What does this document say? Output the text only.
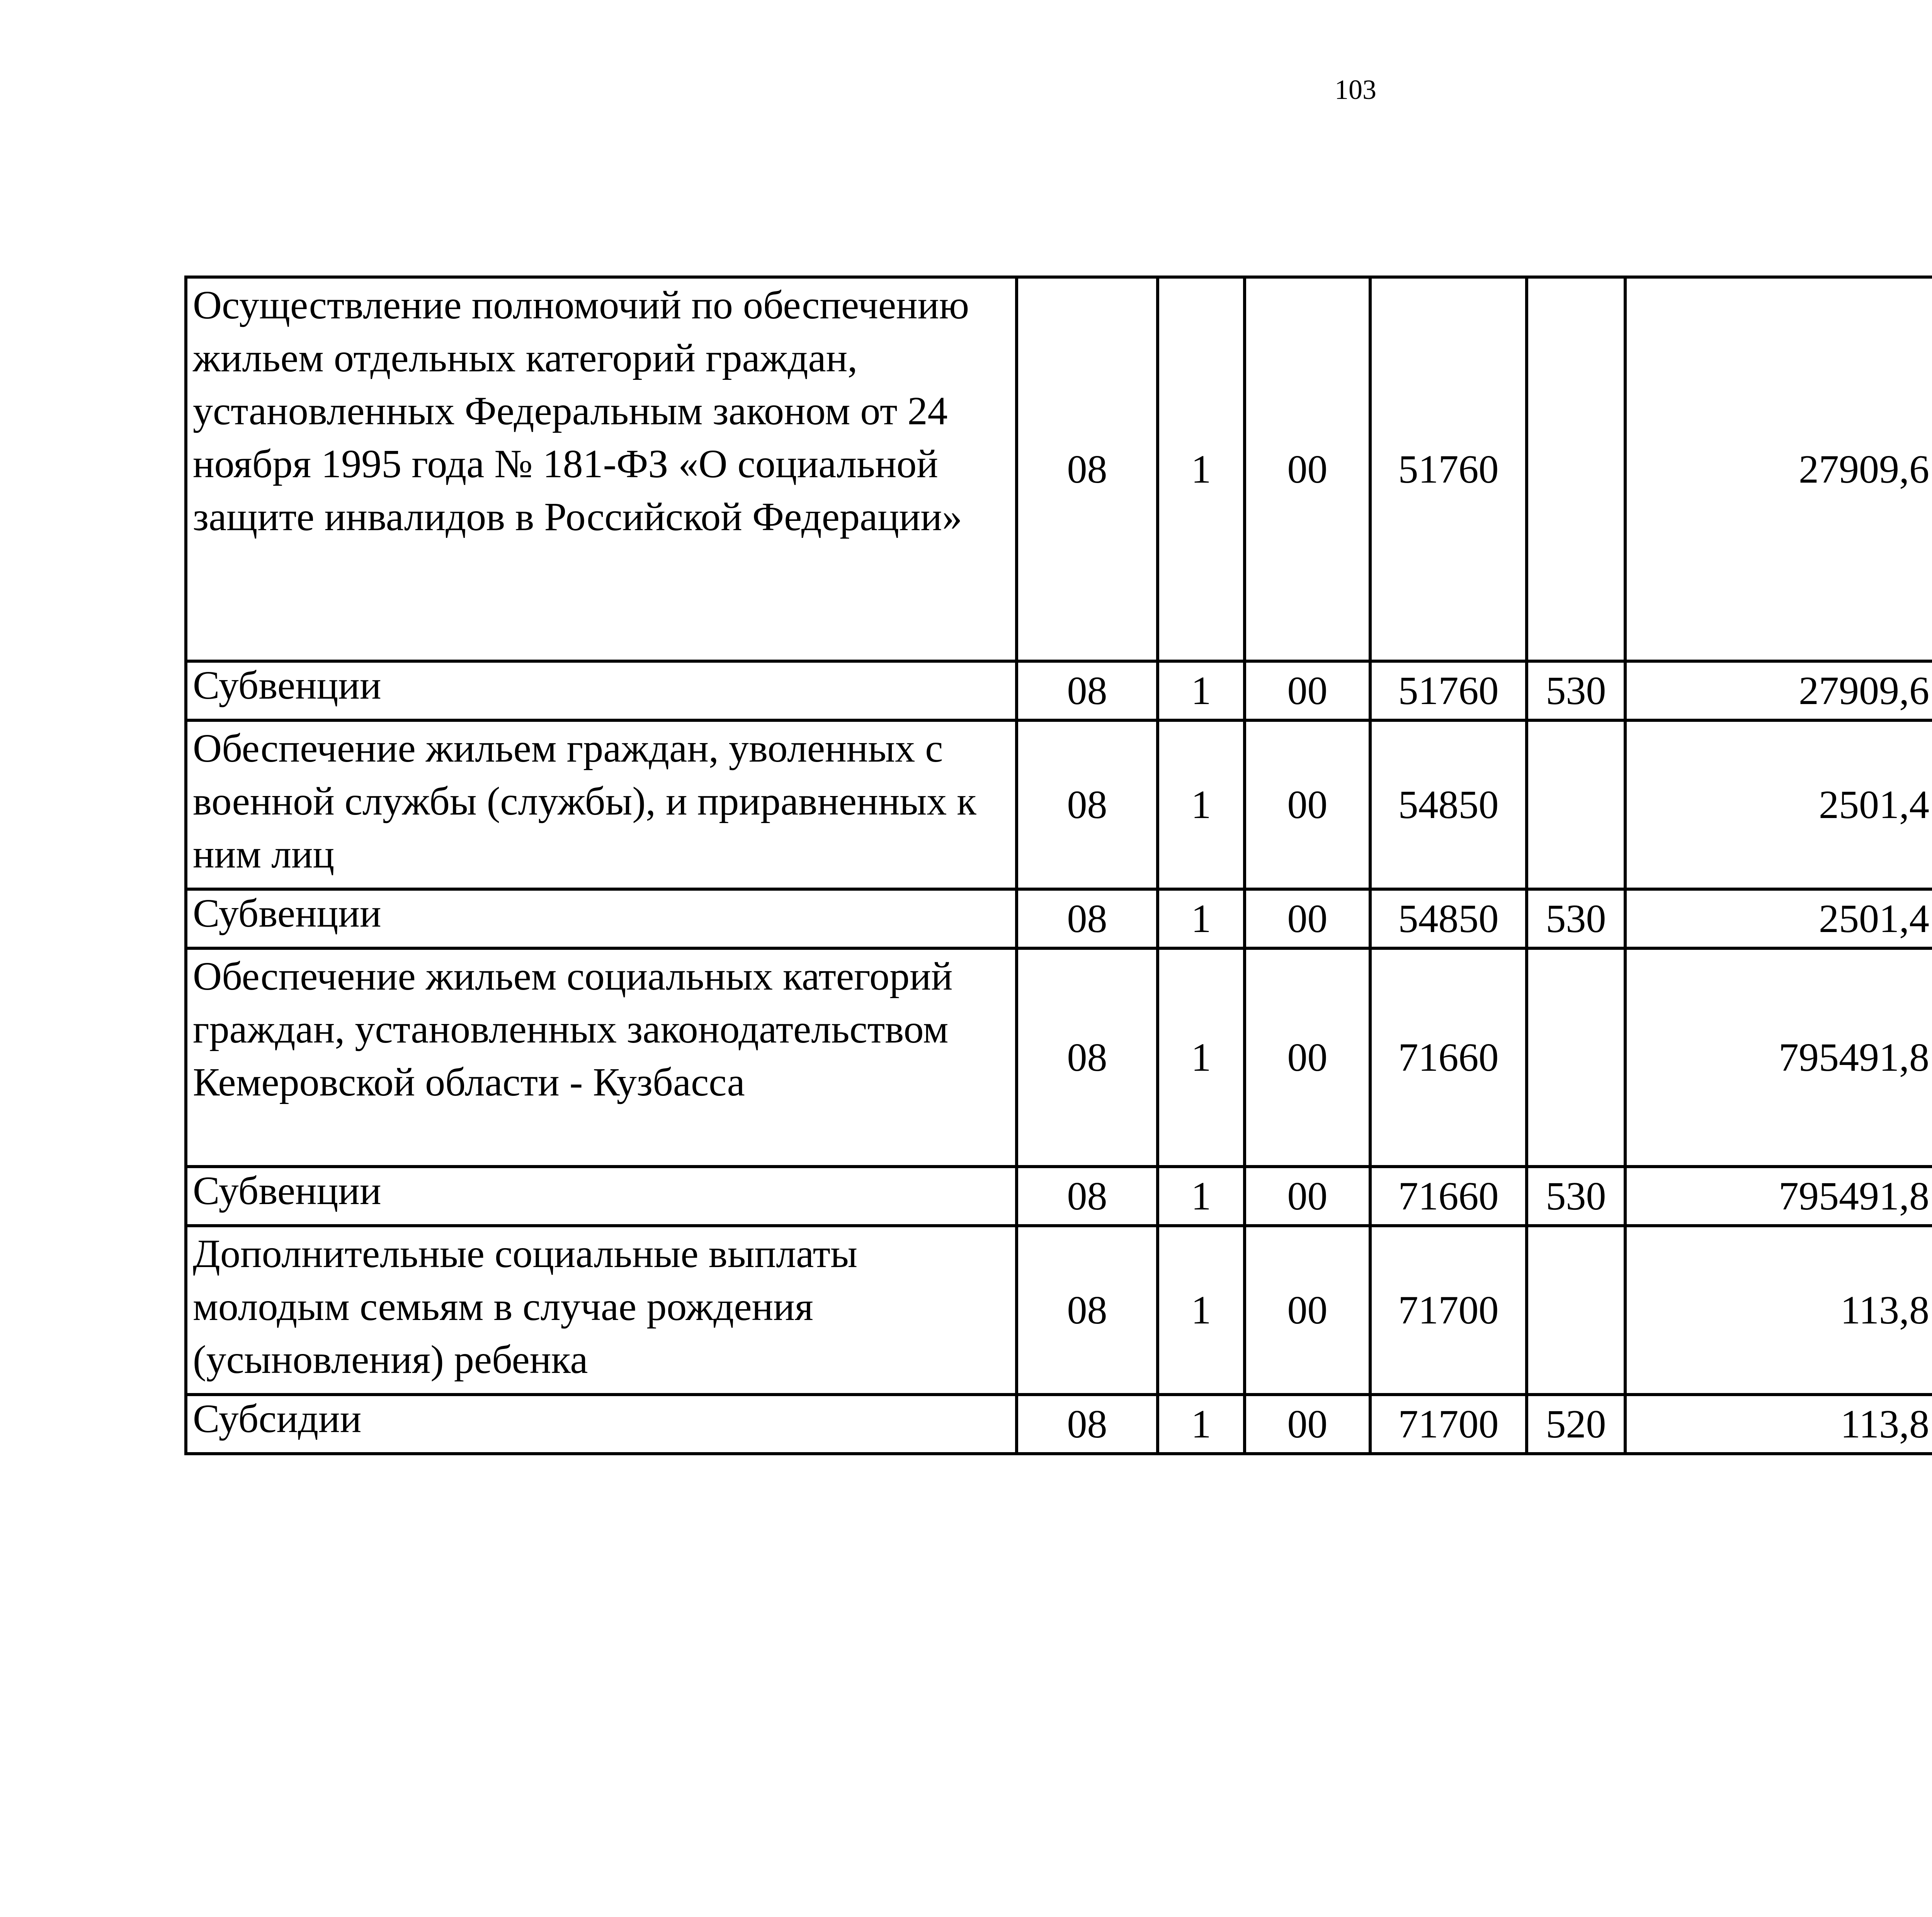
103
Осуществление полномочий по обеспечению жильем отдельных категорий граждан, установленных Федеральным законом от 24 ноября 1995 года № 181-ФЗ «О социальной защите инвалидов в Российской Федерации»	08	1	00	51760		27909,6		
Субвенции	08	1	00	51760	530	27909,6		
Обеспечение жильем граждан, уволенных с военной службы (службы), и приравненных к ним лиц	08	1	00	54850		2501,4		
Субвенции	08	1	00	54850	530	2501,4		
Обеспечение жильем социальных категорий граждан, установленных законодательством Кемеровской области - Кузбасса	08	1	00	71660		795491,8		
Субвенции	08	1	00	71660	530	795491,8		
Дополнительные социальные выплаты молодым семьям в случае рождения (усыновления) ребенка	08	1	00	71700		113,8		
Субсидии	08	1	00	71700	520	113,8		
